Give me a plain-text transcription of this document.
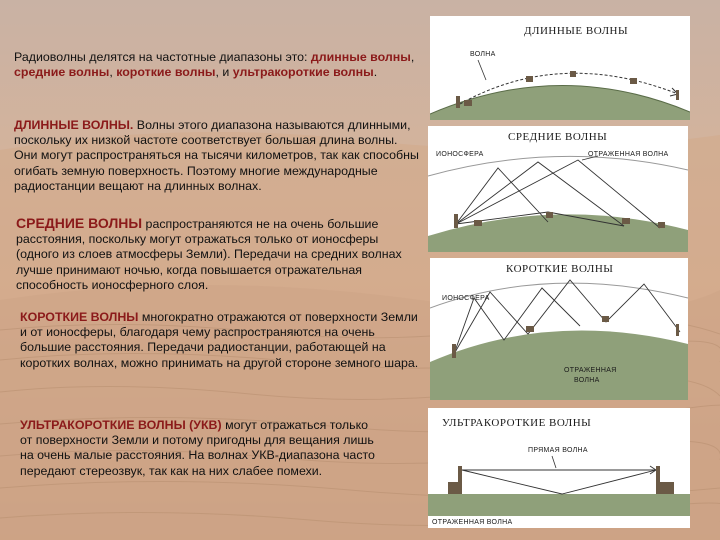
Радиоволны делятся на частотные диапазоны это: длинные волны, средние волны, короткие волны, и ультракороткие волны.
ДЛИННЫЕ ВОЛНЫ. Волны этого диапазона называются длинными, поскольку их низкой частоте соответствует большая длина волны. Они могут распространяться на тысячи километров, так как способны огибать земную поверхность. Поэтому многие международные радиостанции вещают на длинных волнах.
СРЕДНИЕ ВОЛНЫ распространяются не на очень большие расстояния, поскольку могут отражаться только от ионосферы (одного из слоев атмосферы Земли). Передачи на средних волнах лучше принимают ночью, когда повышается отражательная способность ионосферного слоя.
КОРОТКИЕ ВОЛНЫ многократно отражаются от поверхности Земли и от ионосферы, благодаря чему распространяются на очень большие расстояния. Передачи радиостанции, работающей на коротких волнах, можно принимать на другой стороне земного шара.
УЛЬТРАКОРОТКИЕ ВОЛНЫ (УКВ) могут отражаться только от поверхности Земли и потому пригодны для вещания лишь на очень малые расстояния. На волнах УКВ-диапазона часто передают стереозвук, так как на них слабее помехи.
ДЛИННЫЕ ВОЛНЫ
ВОЛНА
СРЕДНИЕ ВОЛНЫ
ИОНОСФЕРА	ОТРАЖЕННАЯ ВОЛНА
КОРОТКИЕ ВОЛНЫ
ИОНОСФЕРА
ОТРАЖЕННАЯ
ВОЛНА
УЛЬТРАКОРОТКИЕ ВОЛНЫ
ПРЯМАЯ ВОЛНА
ОТРАЖЕННАЯ ВОЛНА
